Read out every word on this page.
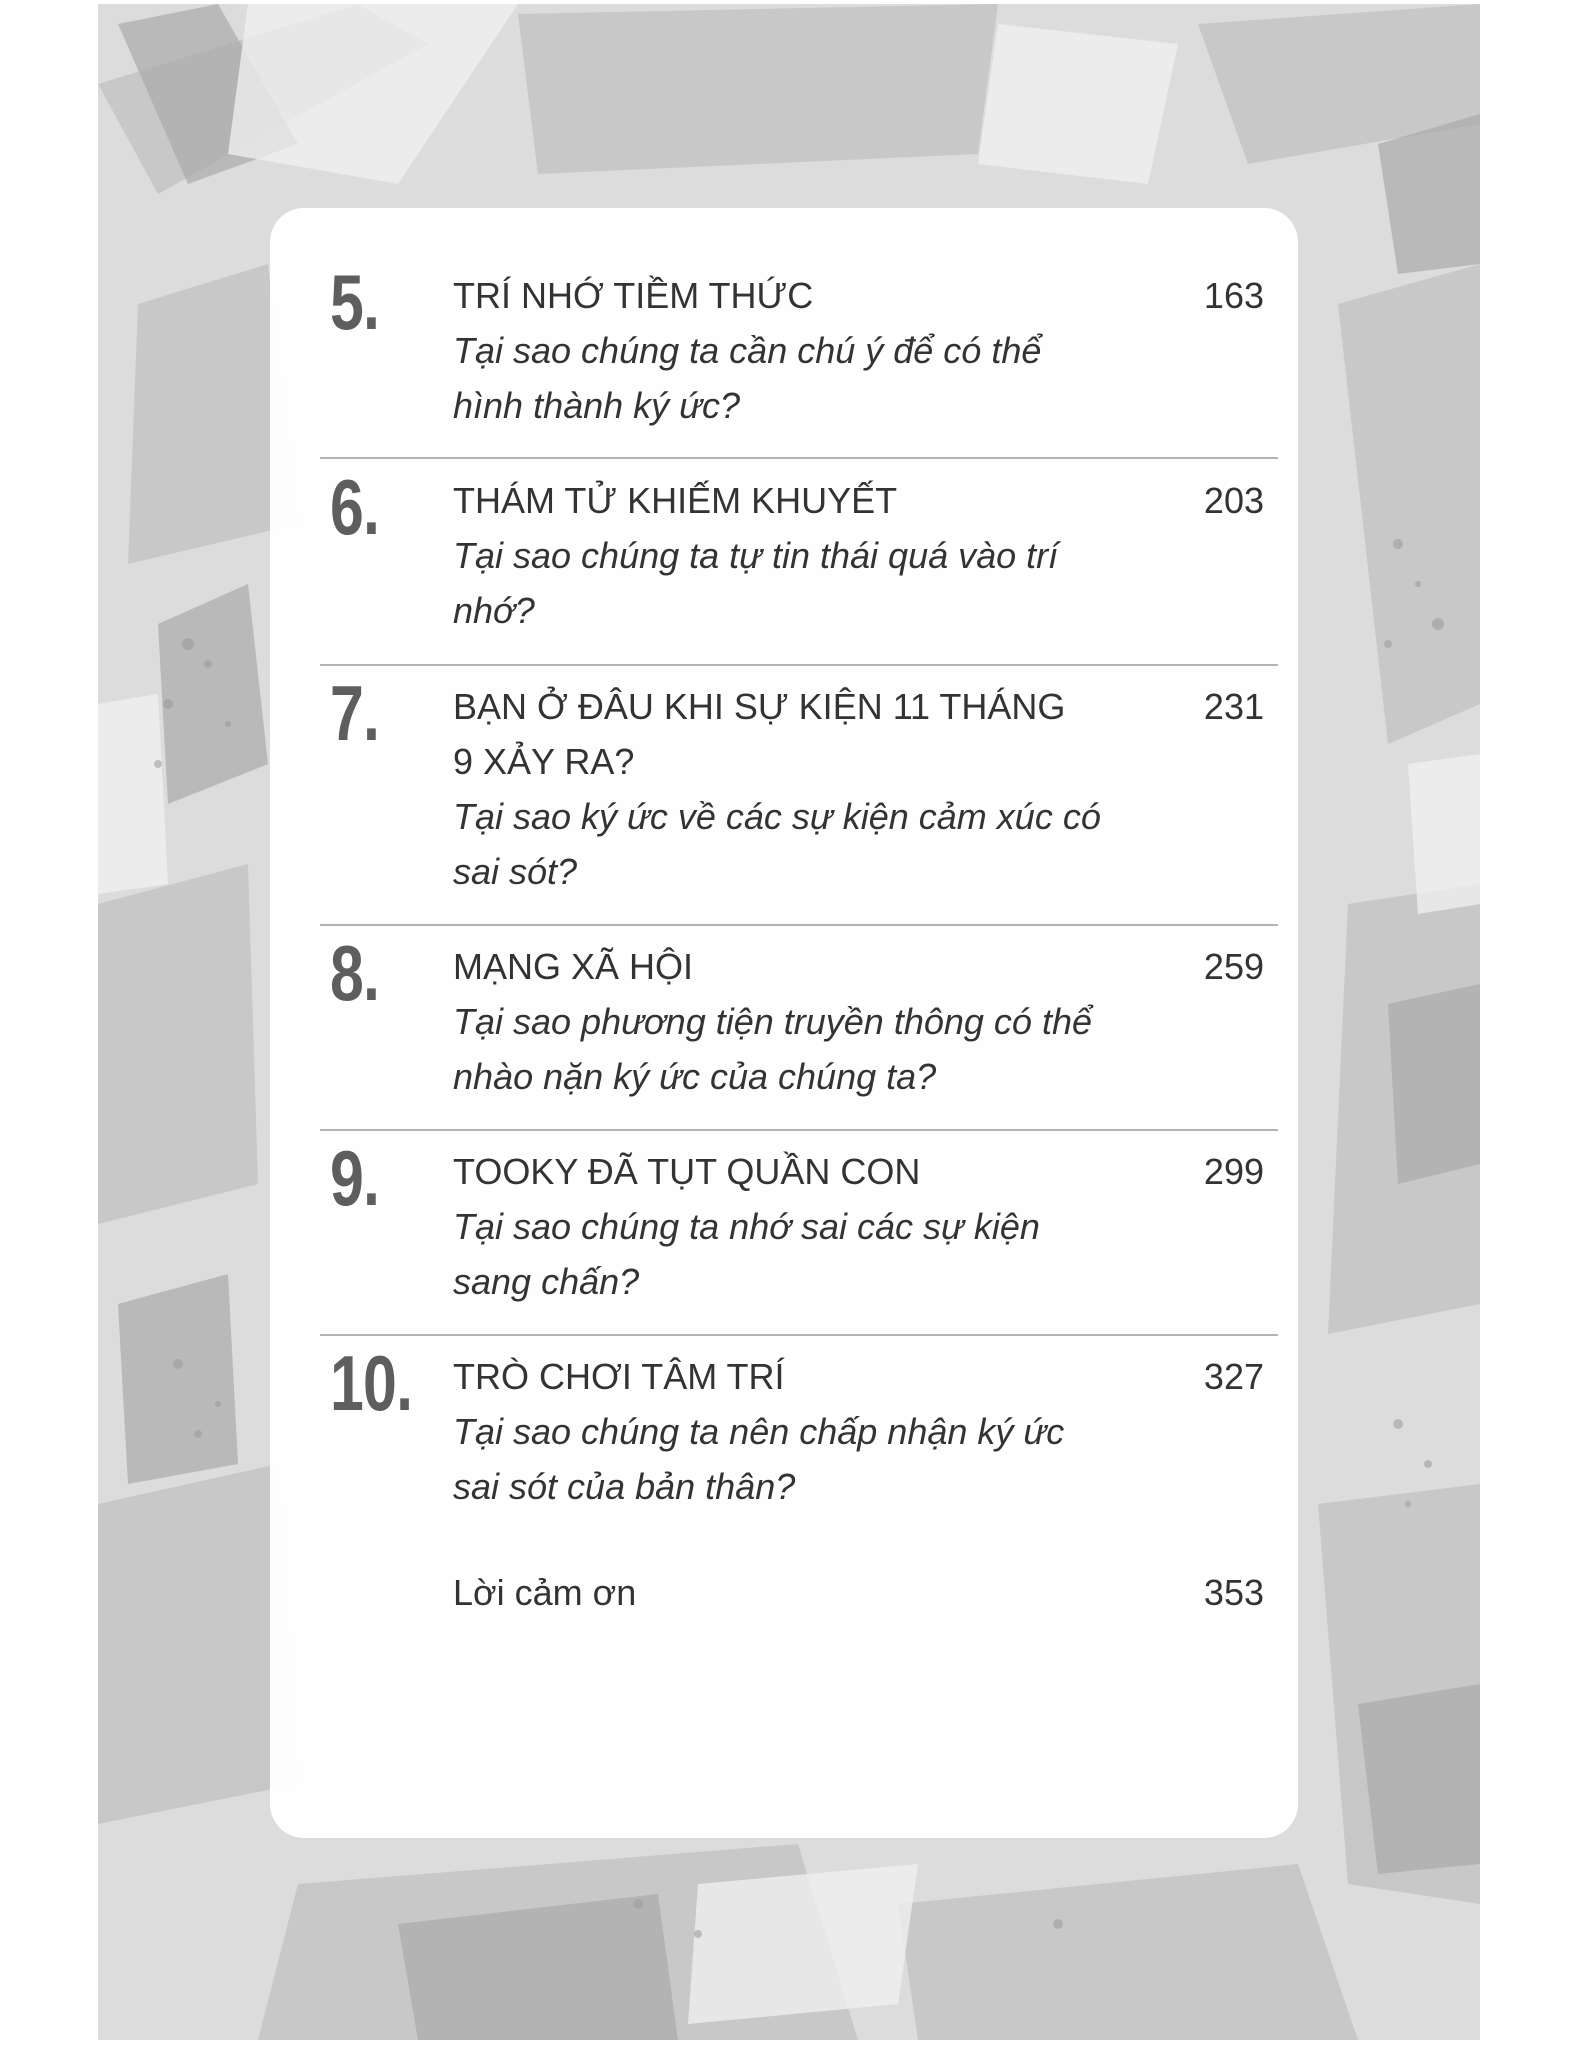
5. TRÍ NHỚ TIỀM THỨC
Tại sao chúng ta cần chú ý để có thể hình thành ký ức?
163
6. THÁM TỬ KHIẾM KHUYẾT
Tại sao chúng ta tự tin thái quá vào trí nhớ?
203
7. BẠN Ở ĐÂU KHI SỰ KIỆN 11 THÁNG 9 XẢY RA?
Tại sao ký ức về các sự kiện cảm xúc có sai sót?
231
8. MẠNG XÃ HỘI
Tại sao phương tiện truyền thông có thể nhào nặn ký ức của chúng ta?
259
9. TOOKY ĐÃ TỤT QUẦN CON
Tại sao chúng ta nhớ sai các sự kiện sang chấn?
299
10. TRÒ CHƠI TÂM TRÍ
Tại sao chúng ta nên chấp nhận ký ức sai sót của bản thân?
327
Lời cảm ơn	353
